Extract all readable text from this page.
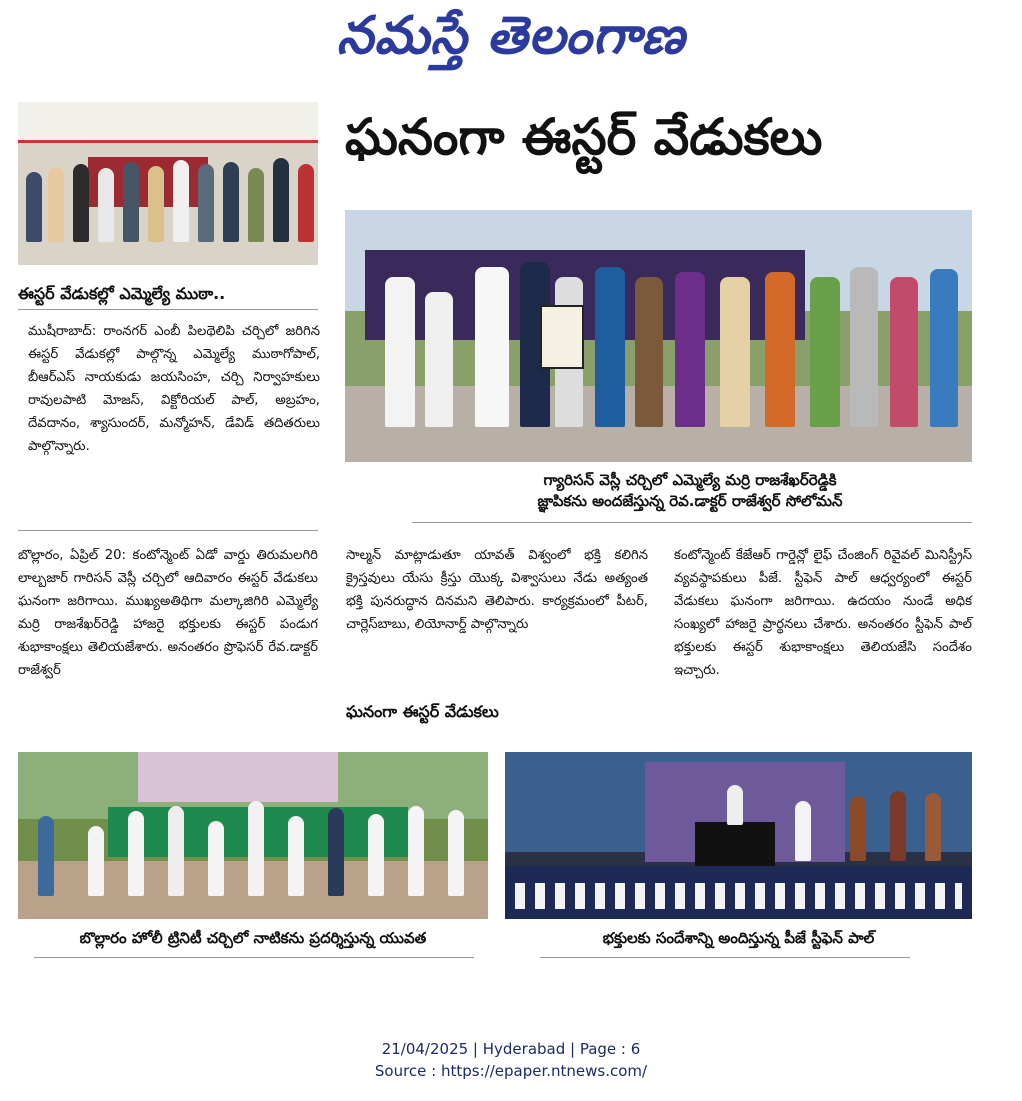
నమస్తే తెలంగాణ
ఘనంగా ఈస్టర్ వేడుకలు
గ్యారిసన్ వెస్లీ చర్చిలో ఎమ్మెల్యే మర్రి రాజశేఖర్‌రెడ్డికి
జ్ఞాపికను అందజేస్తున్న రెవ.డాక్టర్ రాజేశ్వర్ సోలోమన్
ఈస్టర్ వేడుకల్లో ఎమ్మెల్యే ముఠా..
ముషీరాబాద్: రాంనగర్ ఎంబీ పిలథెలిపి చర్చిలో జరిగిన ఈస్టర్ వేడుకల్లో పాల్గొన్న ఎమ్మెల్యే ముఠాగోపాల్, బీఆర్ఎస్ నాయకుడు జయసింహ, చర్చి నిర్వాహకులు రావులపాటి మోజస్, విక్టోరియల్ పాల్, అబ్రహం, దేవదానం, శ్యాసుందర్, మన్మోహన్, డేవిడ్ తదితరులు పాల్గొన్నారు.
బొల్లారం, ఏప్రిల్ 20: కంటోన్మెంట్ ఏడో వార్డు తిరుమలగిరి లాల్బజార్ గారిసన్ వెస్లీ చర్చిలో ఆదివారం ఈస్టర్ వేడుకలు ఘనంగా జరిగాయి. ముఖ్యఅతిథిగా మల్కాజిగిరి ఎమ్మెల్యే మర్రి రాజశేఖర్‌రెడ్డి హాజరై భక్తులకు ఈస్టర్ పండుగ శుభాకాంక్షలు తెలియజేశారు. అనంతరం ప్రొఫెసర్ రేవ.డాక్టర్ రాజేశ్వర్
సాల్మన్ మాట్లాడుతూ యావత్ విశ్వంలో భక్తి కలిగిన క్రైస్తవులు యేసు క్రీస్తు యొక్క విశ్వాసులు నేడు అత్యంత భక్తి పునరుద్ధాన దినమని తెలిపారు. కార్యక్రమంలో పీటర్, చార్లెస్‌బాబు, లియోనార్డ్ పాల్గొన్నారు
ఘనంగా ఈస్టర్ వేడుకలు
కంటోన్మెంట్ కేజేఆర్ గార్డెన్లో లైఫ్ చేంజింగ్ రివైవల్ మినిస్ట్రీస్ వ్యవస్థాపకులు పీజే. స్టీఫెన్ పాల్ ఆధ్వర్యంలో ఈస్టర్ వేడుకలు ఘనంగా జరిగాయి. ఉదయం నుండే అధిక సంఖ్యలో హాజరై ప్రార్థనలు చేశారు. అనంతరం స్టీఫెన్ పాల్ భక్తులకు ఈస్టర్ శుభాకాంక్షలు తెలియజేసి సందేశం ఇచ్చారు.
బొల్లారం హోలీ ట్రినిటీ చర్చిలో నాటికను ప్రదర్శిస్తున్న యువత	భక్తులకు సందేశాన్ని అందిస్తున్న పీజే స్టీఫెన్ పాల్
21/04/2025 | Hyderabad | Page : 6
Source : https://epaper.ntnews.com/
